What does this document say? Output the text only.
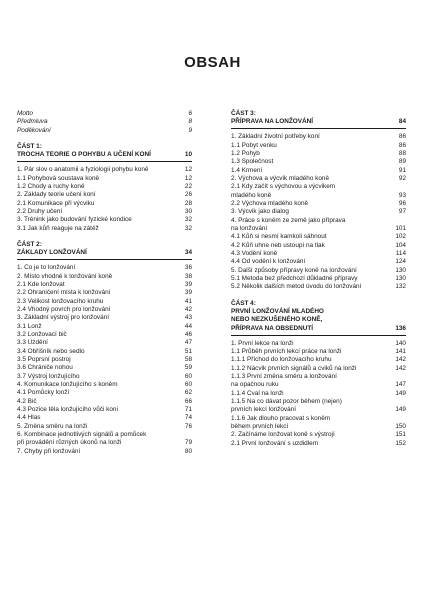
OBSAH
Motto	6
Předmluva	8
Poděkování	9
ČÁST 1:
TROCHA TEORIE O POHYBU A UČENÍ KONÍ	10
1. Pár slov o anatomii a fyziologii pohybu koně	12
1.1 Pohybová soustava koně	12
1.2 Chody a ruchy koně	22
2. Základy teorie učení koní	26
2.1 Komunikace při výcviku	28
2.2 Druhy učení	30
3. Trénink jako budování fyzické kondice	32
3.1 Jak kůň reaguje na zátěž	32
ČÁST 2:
ZÁKLADY LONŽOVÁNÍ	34
1. Co je to lonžování	36
2. Místo vhodné k lonžování koně	38
2.1 Kde lonžovat	39
2.2 Ohraničení místa k lonžování	39
2.3 Velikost lonžovacího kruhu	41
2.4 Vhodný povrch pro lonžování	42
3. Základní výstroj pro lonžování	43
3.1 Lonž	44
3.2 Lonžovací bič	46
3.3 Uzdění	47
3.4 Obřišník nebo sedlo	51
3.5 Poprsní postroj	58
3.6 Chrániče nohou	59
3.7 Výstroj lonžujícího	60
4. Komunikace lonžujícího s koněm	60
4.1 Pomůcky lonží	62
4.2 Bič	66
4.3 Pozice těla lonžujícího vůči koni	71
4.4 Hlas	74
5. Změna směru na lonži	76
6. Kombinace jednotlivých signálů a pomůcek
při provádění různých úkonů na lonži	79
7. Chyby při lonžování	80
ČÁST 3:
PŘÍPRAVA NA LONŽOVÁNÍ	84
1. Základní životní potřeby koní	86
1.1 Pobyt venku	86
1.2 Pohyb	88
1.3 Společnost	89
1.4 Krmení	91
2. Výchova a výcvik mladého koně	92
2.1 Kdy začít s výchovou a výcvikem
mladého koně	93
2.2 Výchova mladého koně	96
3. Výcvik jako dialog	97
4. Práce s koněm ze země jako příprava
na lonžování	101
4.1 Kůň si nesmí kamkoli sáhnout	102
4.2 Kůň uhne neb ustoupí na tlak	104
4.3 Vodění koně	114
4.4 Od vodění k lonžování	124
5. Další způsoby přípravy koně na lonžování	130
5.1 Metoda bez předchozí důkladné přípravy	130
5.2 Několik dalších metod úvodu do lonžování	132
ČÁST 4:
PRVNÍ LONŽOVÁNÍ MLADÉHO
NEBO NEZKUŠENÉHO KONĚ,
PŘÍPRAVA NA OBSEDNUTÍ	136
1. První lekce na lonži	140
1.1 Průběh prvních lekcí práce na lonži	141
1.1.1 Příchod do lonžovacího kruhu	142
1.1.2 Nácvik prvních signálů a cviků na lonži	142
1.1.3 První změna směru a lonžování
na opačnou ruku	147
1.1.4 Cval na lonži	149
1.1.5 Na co dávat pozor během (nejen)
prvních lekcí lonžování	149
1.1.6 Jak dlouho pracovat s koněm
během prvních lekcí	150
2. Začínáme lonžovat koně s výstrojí	151
2.1 První lonžování s uzdidlem	152
